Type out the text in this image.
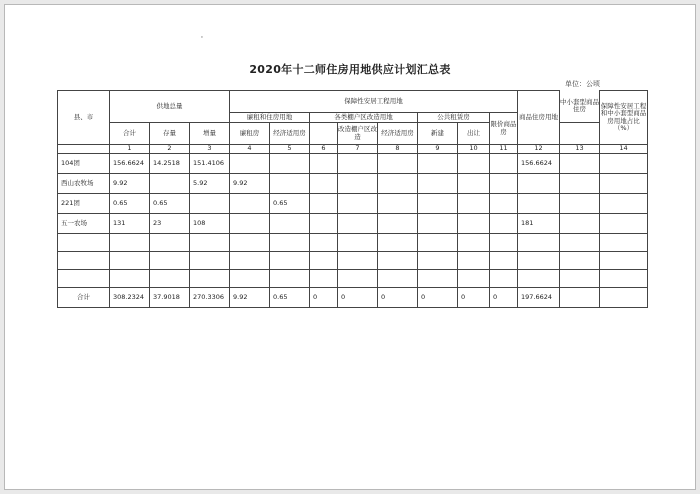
'
2020年十二师住房用地供应计划汇总表
单位：公顷
县、市	供地总量			保障性安居工程用地								商品住房用地	中小套型商品住房	保障性安居工程和中小套型商品房用地占比（%）
				廉租和住房用地		各类棚户区改造用地			公共租赁房		限价商品房			
	合计	存量	增量	廉租房	经济适用房		改造棚户区改造	经济适用房	新建	出让				
	1	2	3	4	5	6	7	8	9	10	11	12	13	14
104团	156.6624	14.2518	151.4106									156.6624		
西山农牧场	9.92		5.92	9.92										
221团	0.65	0.65			0.65									
五一农场	131	23	108									181		

合计	308.2324	37.9018	270.3306	9.92	0.65	0	0	0	0	0	0	197.6624		
